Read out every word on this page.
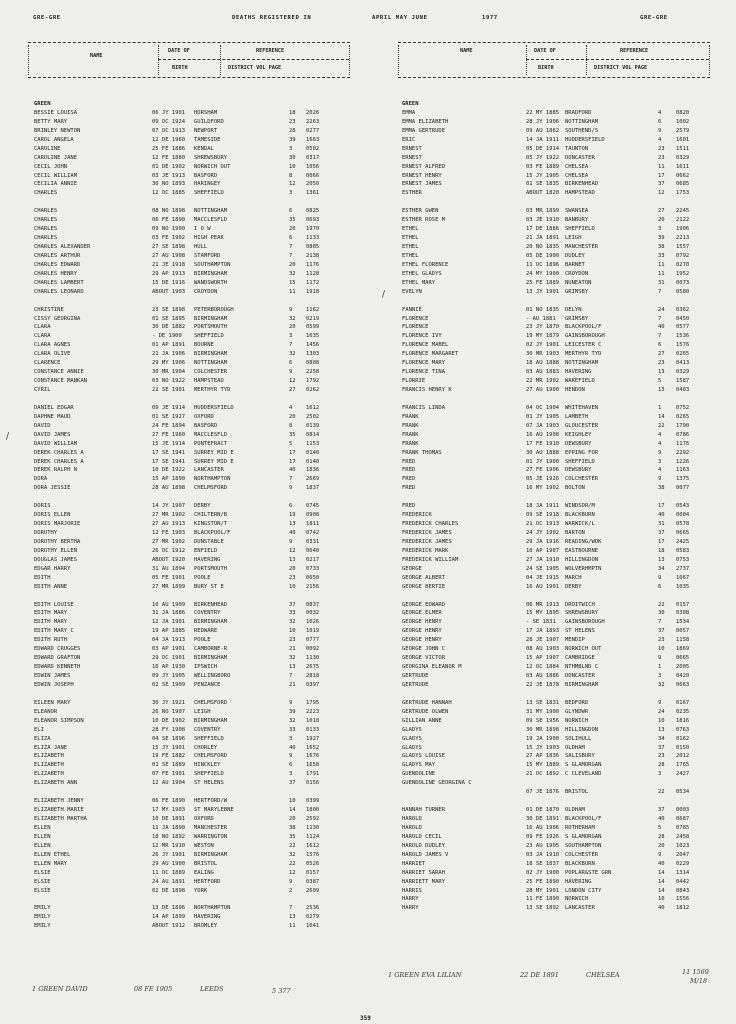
GRE-GRE	DEATHS REGISTERED IN	APRIL MAY JUNE	1977	GRE-GRE
NAME
DATE OF
BIRTH
REFERENCE
DISTRICT VOL PAGE
NAME	DATE OF
BIRTH
REFERENCE
DISTRICT VOL PAGE
GREEN
BESSIE LOUISA	06 JY 1901 HORSHAM	18 2026
BETTY MARY	09 OC 1924 GUILDFORD	23 2263
BRINLEY NEWTON	07 OC 1913 NEWPORT	28 0277
CAROL ANGELA	12 DE 1960 TAMESIDE	39 1663
CAROLINE	25 FE 1886 KENDAL	3 0502
CAROLINE JANE	12 FE 1880 SHREWSBURY	30 0317
CECIL JOHN	01 DE 1902 NORWICH OUT	10 1056
CECIL WILLIAM	03 JE 1913 BASFORD	8 0066
CECILIA ANNIE	30 NO 1893 HARINGEY	12 2050
CHARLES	12 OC 1885 SHEFFIELD	3 1361
CHARLES	08 NO 1898 NOTTINGHAM	6 0825
CHARLES	06 FE 1890 MACCLESFLD	35 0693
CHARLES	09 NO 1900 I O W	20 1970
CHARLES	03 FE 1902 HIGH PEAK	6 1133
CHARLES ALEXANDER	27 SE 1898 HULL	7 0805
CHARLES ARTHUR	27 AU 1908 STAMFORD	7 2138
CHARLES EDWARD	21 JE 1918 SOUTHAMPTON	20 1176
CHARLES HENRY	29 AP 1913 BIRMINGHAM	32 1128
CHARLES LAMBERT	15 DE 1916 WANDSWORTH	15 1172
CHARLES LEONARD	ABOUT 1903 CROYDON	11 1918
CHRISTINE	23 SE 1898 PETERBOROUGH	9 1162
CISSY GEORGINA	01 SE 1895 BIRMINGHAM	32 0219
CLARA	30 DE 1882 PORTSMOUTH	20 0599
CLARA	- DE 1900 SHEFFIELD	3 1635
CLARA AGNES	01 AP 1891 BOURNE	7 1456
CLARA OLIVE	21 JA 1906 BIRMINGHAM	32 1303
CLARENCE	29 MY 1906 NOTTINGHAM	6 0808
CONSTANCE ANNIE	30 MR 1904 COLCHESTER	9 2258
CONSTANCE MANKAN	03 NO 1922 HAMPSTEAD	12 1792
CYRIL	22 SE 1901 MERTHYR TYD	27 0262
DANIEL EDGAR	09 JE 1914 HUDDERSFIELD	4 1612
DAPHNE MAUD	01 SE 1927 OXFORD	20 2502
DAVID	24 FE 1894 BASFORD	8 0139
DAVID JAMES	27 FE 1960 MACCLESFLD	35 0814
DAVID WILLIAM	15 JE 1914 PONTEFRACT	5 1153
DEREK CHARLES A	17 SE 1941 SURREY MID E	17 0140
DEREK CHARLES A	17 SE 1941 SURREY MID E	17 0140
DEREK RALPH N	10 DE 1922 LANCASTER	40 1836
DORA	15 AP 1890 NORTHAMPTON	7 2669
DORA JESSIE	28 AU 1898 CHELMSFORD	9 1837
DORIS	14 JY 1907 DERBY	6 0745
DORIS ELLEN	27 MR 1902 CHILTERN/B	19 0908
DORIS MARJORIE	27 AU 1913 KINGSTON/T	13 1811
DOROTHY	12 FE 1903 BLACKPOOL/F	40 0742
DOROTHY BERTHA	27 MR 1902 DUNSTABLE	9 0331
DOROTHY ELLEN	26 OC 1912 ENFIELD	12 0640
DOUGLAS JAMES	ABOUT 1920 HAVERING	13 0217
EDGAR HARRY	31 AU 1894 PORTSMOUTH	20 0733
EDITH	05 FE 1901 POOLE	23 0650
EDITH ANNE	27 MR 1899 BURY ST E	10 2156
EDITH LOUISE	10 AU 1909 BIRKENHEAD	37 0837
EDITH MARY	31 JA 1886 COVENTRY	33 0032
EDITH MARY	12 JA 1901 BIRMINGHAM	32 1026
EDITH MARY C	19 AP 1885 REDWARE	10 1019
EDITH RUTH	04 JA 1913 POOLE	23 0777
EDWARD CRUGGES	03 AP 1901 CAMBORNE-R	21 0092
EDWARD GRAFTON	29 OC 1901 BIRMINGHAM	32 1130
EDWARD KENNETH	16 AP 1930 IPSWICH	13 2675
EDWIN JAMES	09 JY 1905 WELLINGBORO	7 2818
EDWIN JOSEPH	02 SE 1909 PENZANCE	21 0397
EILEEN MARY	30 JY 1921 CHELMSFORD	9 1795
ELEANOR	26 NO 1907 LEIGH	39 2223
ELEANOR SIMPSON	10 DE 1902 BIRMINGHAM	32 1018
ELI	28 FY 1908 COVENTRY	33 0133
ELIZA	04 SE 1896 SHEFFIELD	3 1927
ELIZA JANE	15 JY 1901 CHORLEY	40 1652
ELIZABETH	19 FE 1882 CHELMSFORD	9 1676
ELIZABETH	01 SE 1889 HINCKLEY	6 1658
ELIZABETH	07 FE 1901 SHEFFIELD	3 1791
ELIZABETH ANN	12 AU 1904 ST HELENS	37 0156
ELIZABETH JENNY	06 FE 1890 HERTFORD/W	10 0399
ELIZABETH MARIE	17 MY 1903 ST MARYLEBNE	14 1800
ELIZABETH MARTHA	10 DE 1891 OXFORD	20 2592
ELLEN	11 JA 1890 MANCHESTER	38 1130
ELLEN	18 NO 1892 WARRINGTON	35 1124
ELLEN	12 MR 1910 WESTON	22 1612
ELLEN ETHEL	26 JY 1901 BIRMINGHAM	32 1576
ELLEN MARY	29 AU 1900 BRISTOL	22 0526
ELSIE	11 OC 1889 EALING	12 0157
ELSIE	24 AU 1891 HERTFORD	9 0387
ELSIE	02 DE 1898 YORK	2 2609
EMILY	13 DE 1896 NORTHAMPTON	7 2536
EMILY	14 AP 1899 HAVERING	13 0279
EMILY	ABOUT 1912 BROMLEY	11 1041
GREEN
EMMA	22 MY 1885 BRADFORD	4	0820
EMMA ELIZABETH	28 JY 1906 NOTTINGHAM	6	1002
EMMA GERTRUDE	09 AU 1862 SOUTHEND/S	9	2579
ERIC	14 JA 1911 HUDDERSFIELD	4	1601
ERNEST	05 DE 1914 TAUNTON	23 1511
ERNEST	05 JY 1922 DONCASTER	23 0329
ERNEST ALFRED	03 FE 1889 CHELSEA	11 1611
ERNEST HENRY	15 JY 1905 CHELSEA	17 0662
ERNEST JAMES	01 SE 1835 BIRKENHEAD	37 0685
ESTHER	ABOUT 1820 HAMPSTEAD	12 1753
ESTHER GWEN	03 MR 1899 SWANSEA	27 2245
ESTHER ROSE M	03 JE 1910 BANBURY	20 2122
ETHEL	17 DE 1886 SHEFFIELD	3	1906
ETHEL	21 JA 1891 LEIGH	39 2213
ETHEL	20 NO 1835 MANCHESTER	38 1557
ETHEL	05 DE 1900 DUDLEY	33 0792
ETHEL FLORENCE	11 OC 1896 BARNET	11 0270
ETHEL GLADYS	24 MY 1900 CROYDON	11 1952
ETHEL MARY	25 FE 1889 NUNEATON	31 0073
EVELYN	13 JY 1901 GRIMSBY	7	0580
FANNIE	01 NO 1835 DELYN	24 0362
FLORENCE	- AU 1881 GRIMSBY	7	0450
FLORENCE	23 JY 1870 BLACKPOOL/F	40 0577
FLORENCE IVY	19 MY 1879 GAINSBOROUGH	7	1536
FLORENCE MABEL	02 JY 1901 LEICESTER C	6	1576
FLORENCE MARGARET	30 MR 1903 MERTHYR TYD	27 0265
FLORENCE MARY	18 AU 1888 NOTTINGHAM	23 0413
FLORENCE TINA	03 AU 1883 HAVERING	13 0329
FLORRIE	22 MR 1902 WAKEFIELD	5	1587
FRANCIS HENRY K	27 AU 1900 HENDON	13 0403
FRANCIS LINDA	04 OC 1904 WHITEHAVEN	1	0752
FRANK	01 JY 1905 LAMBETH	14 0265
FRANK	07 JA 1903 GLOUCESTER	22 1790
FRANK	16 AU 1908 KEIGHLEY	4	0786
FRANK	17 FE 1910 DEWSBURY	4	1176
FRANK THOMAS	30 AU 1888 EPPING FOR	9	2292
FRED	01 JY 1900 SHEFFIELD	3	1226
FRED	27 FE 1906 DEWSBURY	4	1163
FRED	05 JE 1926 COLCHESTER	9	1375
FRED	16 MY 1902 BOLTON	38 0077
FRED	18 JA 1911 WINDSOR/M	17 0543
FREDERICK	09 SE 1918 BLACKBURN	40 0004
FREDERICK CHARLES	21 OC 1913 WARWICK/L	31 0578
FREDERICK JAMES	24 JY 1902 BARTON	37 0665
FREDERICK JAMES	29 JA 1916 READING/WOK	17 2425
FREDERICK MARK	10 AP 1907 EASTBOURNE	18 0583
FREDERICK WILLIAM	27 JA 1910 HILLINGDON	13 0753
GEORGE	24 SE 1905 WOLVERHMPTN	34 2737
GEORGE ALBERT	04 JE 1915 MARCH	9	1067
GEORGE BERTIE	16 AU 1901 DERBY	6	1035
GEORGE EDWARD	06 MR 1913 DROITWICH	22 0157
GEORGE ELMER	15 MY 1895 SHREWSBURY	30 0308
GEORGE HENRY	- SE 1831 GAINSBOROUGH	7	1534
GEORGE HENRY	17 JA 1893 ST HELENS	37 0057
GEORGE HENRY	28 JE 1907 MENDIP	23 1158
GEORGE JOHN C	08 AU 1903 NORWICH OUT	10 1869
GEORGE VICTOR	15 AP 1907 CAMBRIDGE	9	0665
GEORGINA ELEANOR M	12 OC 1884 NTHMBLND C	1	2005
GERTRUDE	03 AU 1886 DONCASTER	3	0420
GERTRUDE	22 JE 1878 BIRMINGHAM	32 0663
GERTRUDE HANNAH	13 SE 1831 BEDFORD	9	0167
GERTRUDE OLWEN	31 MY 1900 GLYNDWR	24 0235
GILLIAN ANNE	09 SE 1956 NORWICH	10 1816
GLADYS	30 MR 1898 HILLINGDON	13 0763
GLADYS	19 JA 1900 SOLIHULL	34 0162
GLADYS	15 JY 1903 OLDHAM	37 0150
GLADYS LOUISE	27 AP 1836 SALISBURY	23 2012
GLADYS MAY	15 MY 1889 S GLAMORGAN	28 1765
GUENDOLINE	21 OC 1892 C CLEVELAND	3	2427
GUENDOLINE GEORGINA C
07 JE 1876 BRISTOL	22 0534
HANNAH TURNER	01 DE 1870 OLDHAM	37 0003
HAROLD	30 DE 1891 BLACKPOOL/F	40 0687
HAROLD	16 AU 1906 ROTHERHAM	5	0785
HAROLD CECIL	09 FE 1926 S GLAMORGAN	28 2458
HAROLD DUDLEY	23 AU 1905 SOUTHAMPTON	20 1023
HAROLD JAMES V	03 JA 1910 COLCHESTER	9	2047
HARRIET	18 SE 1837 BLACKBURN	40 0229
HARRIET SARAH	02 JY 1900 POPLAR&STE GRN	14 1314
HARRIETT MARY	25 FE 1890 HAVERING	14 0442
HARRIS	28 MY 1901 LONDON CITY	14 0843
HARRY	11 FE 1890 NORWICH	10 1556
HARRY	13 SE 1892 LANCASTER	40 1812
/
/
1 GREEN DAVID	08 FE 1905	LEEDS	5 377
1 GREEN EVA LILIAN	22 DE 1891	CHELSEA	11 1569
M/18
359
